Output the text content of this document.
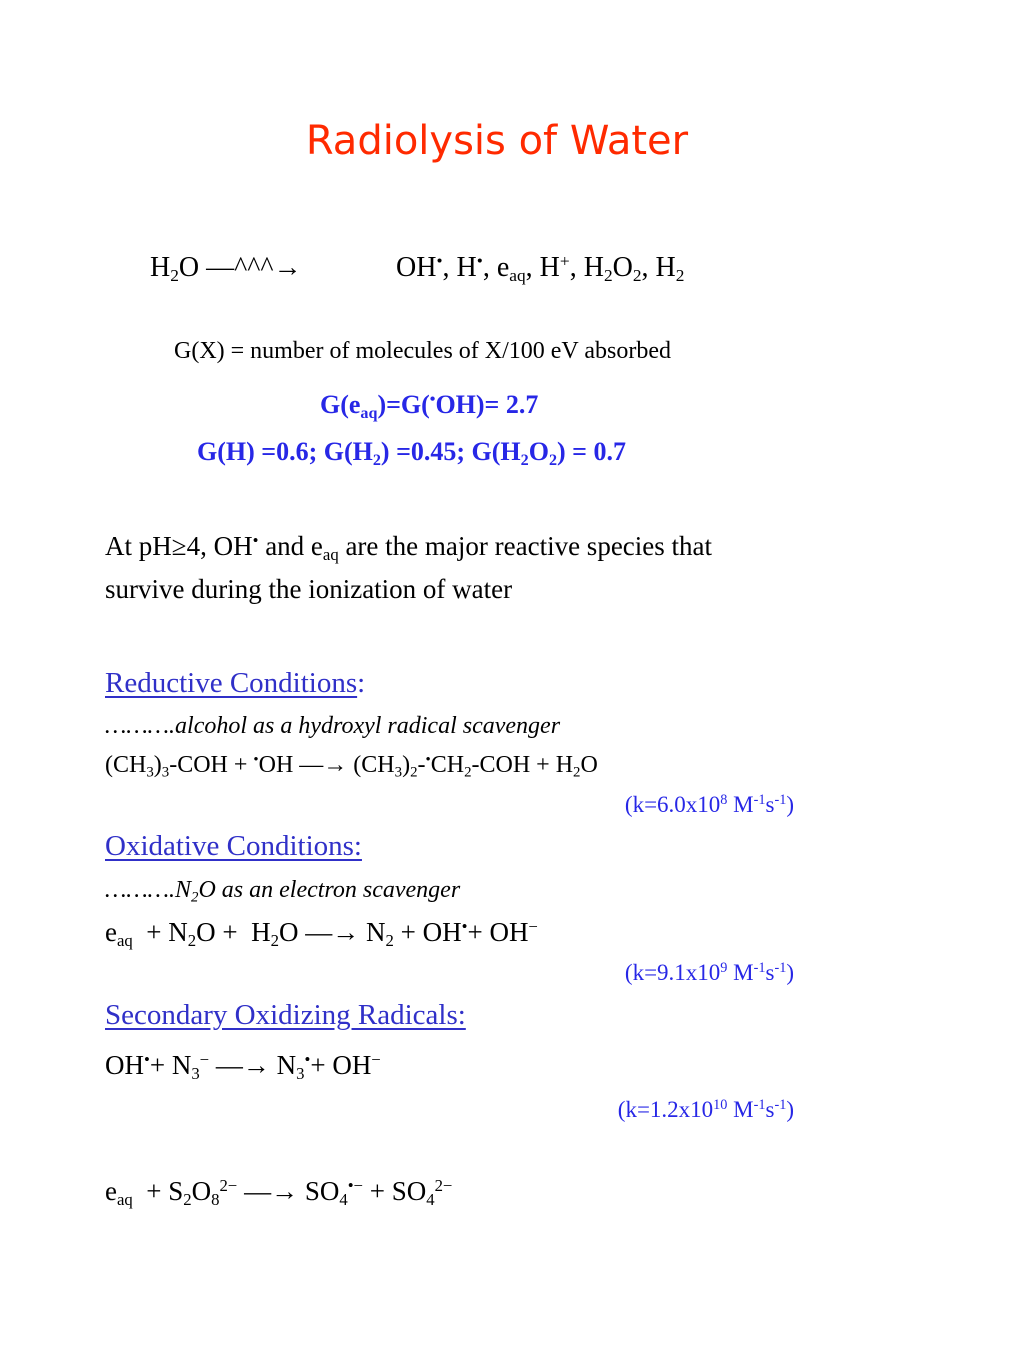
Radiolysis of Water
$H_2O$ —^^^→	OH•, H•, $e_{aq}$, H+, $H_2O_2$, $H_2$
G(X) = number of molecules of X/100 eV absorbed
$G(e_{aq})=G(^•OH)= 2.7$
G(H) =0.6; $G(H_2) =0.45$; $G(H_2O_2) = 0.7$
At pH≥4, OH• and $e_{aq}$ are the major reactive species that
survive during the ionization of water
Reductive Conditions:
……….alcohol as a hydroxyl radical scavenger
$(CH_3)_3$-COH + •OH —→ $(CH_3)_2-^•CH_2$-COH + $H_2O$
($k=6.0x10^8$ $M^{-1}s^{-1}$)
Oxidative Conditions:
$\dots\dots\dots.N_2O$ as an electron scavenger
$e_{aq} + N_2O + H_2O$ —→ $N_2 + OH^•+ OH^-$
($k=9.1x10^9$ $M^{-1}s^{-1}$)
Secondary Oxidizing Radicals:
$OH^•+ N_3^-$ —→ $N_3^•+ OH^-$
($k=1.2x10^{10}$ $M^{-1}s^{-1}$)
$e_{aq} + S_2O_8^{2-}$ —→ $SO_4^{•-} + SO_4^{2-}$
